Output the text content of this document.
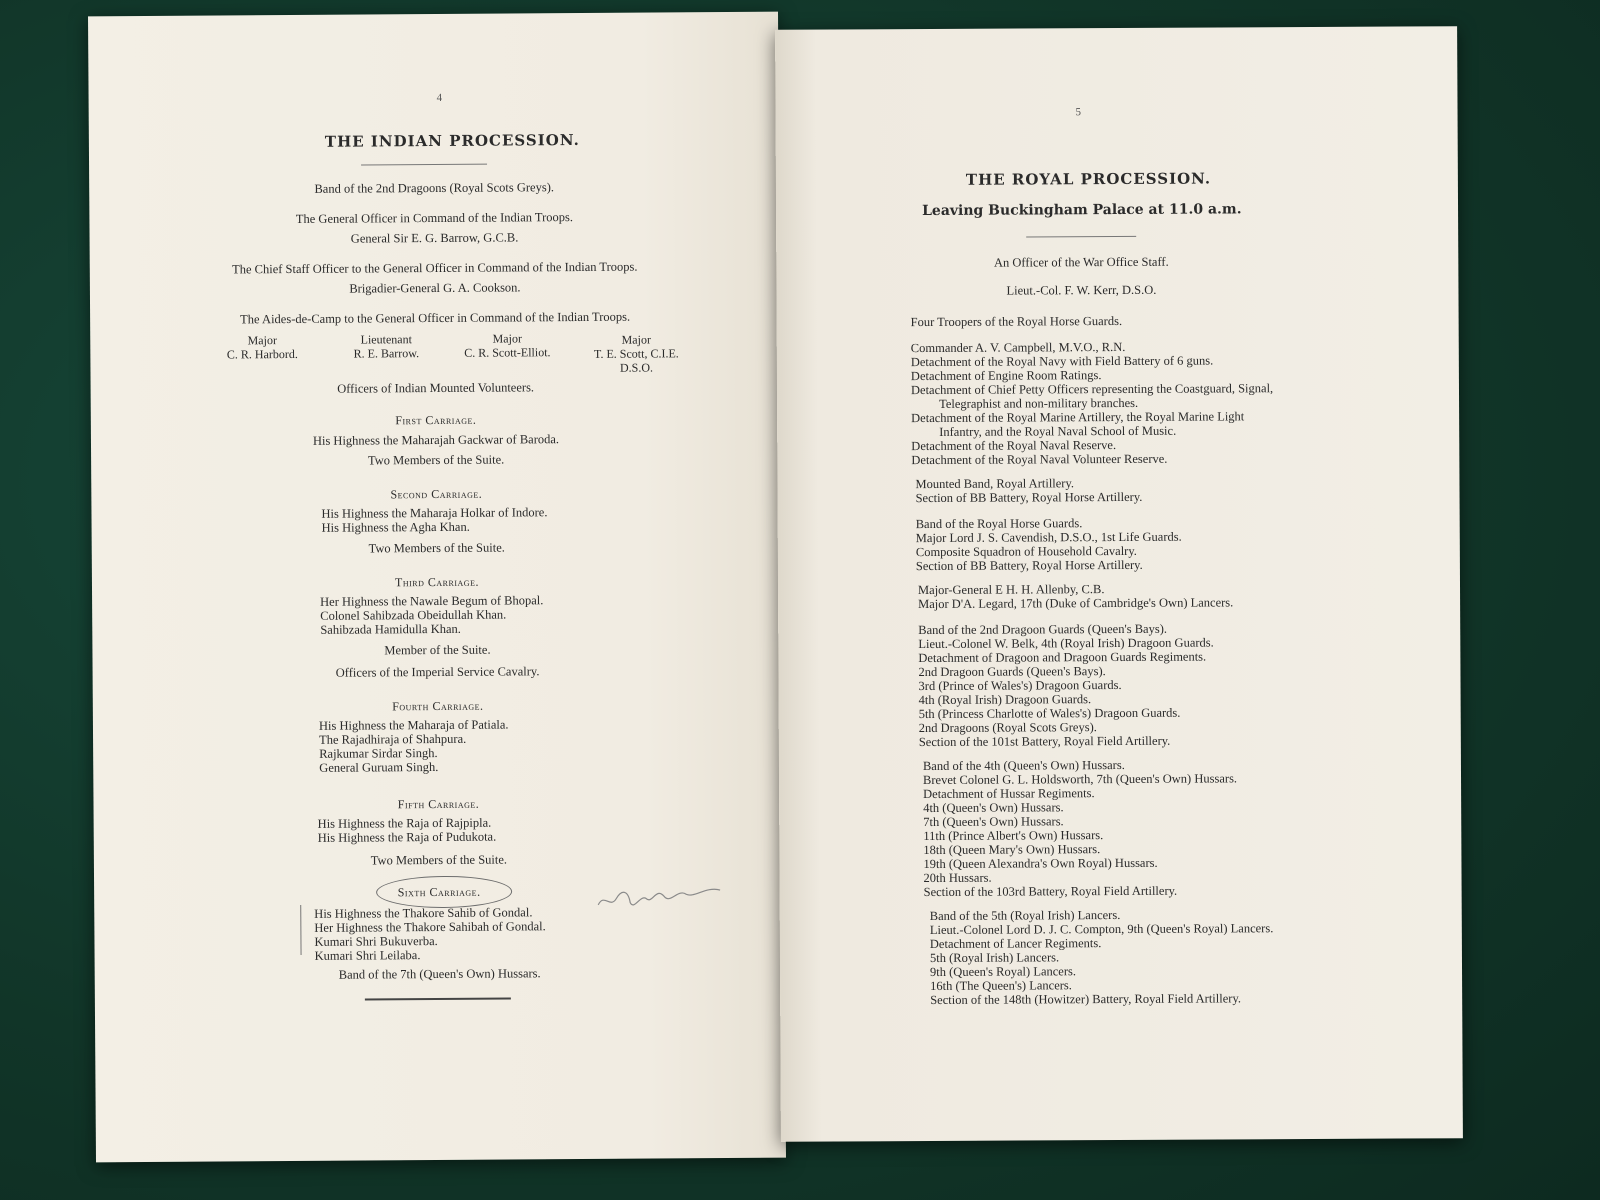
4
THE INDIAN PROCESSION.
Band of the 2nd Dragoons (Royal Scots Greys).
The General Officer in Command of the Indian Troops.
General Sir E. G. Barrow, G.C.B.
The Chief Staff Officer to the General Officer in Command of the Indian Troops.
Brigadier-General G. A. Cookson.
The Aides-de-Camp to the General Officer in Command of the Indian Troops.
Major
C. R. Harbord.
Lieutenant
R. E. Barrow.
Major
C. R. Scott-Elliot.
Major
T. E. Scott, C.I.E.
D.S.O.
Officers of Indian Mounted Volunteers.
First Carriage.
His Highness the Maharajah Gackwar of Baroda.
Two Members of the Suite.
Second Carriage.
His Highness the Maharaja Holkar of Indore.
His Highness the Agha Khan.
Two Members of the Suite.
Third Carriage.
Her Highness the Nawale Begum of Bhopal.
Colonel Sahibzada Obeidullah Khan.
Sahibzada Hamidulla Khan.
Member of the Suite.
Officers of the Imperial Service Cavalry.
Fourth Carriage.
His Highness the Maharaja of Patiala.
The Rajadhiraja of Shahpura.
Rajkumar Sirdar Singh.
General Guruam Singh.
Fifth Carriage.
His Highness the Raja of Rajpipla.
His Highness the Raja of Pudukota.
Two Members of the Suite.
Sixth Carriage.
His Highness the Thakore Sahib of Gondal.
Her Highness the Thakore Sahibah of Gondal.
Kumari Shri Bukuverba.
Kumari Shri Leilaba.
Band of the 7th (Queen's Own) Hussars.
5
THE ROYAL PROCESSION.
Leaving Buckingham Palace at 11.0 a.m.
An Officer of the War Office Staff.
Lieut.-Col. F. W. Kerr, D.S.O.
Four Troopers of the Royal Horse Guards.
Commander A. V. Campbell, M.V.O., R.N.
Detachment of the Royal Navy with Field Battery of 6 guns.
Detachment of Engine Room Ratings.
Detachment of Chief Petty Officers representing the Coastguard, Signal,
Telegraphist and non-military branches.
Detachment of the Royal Marine Artillery, the Royal Marine Light
Infantry, and the Royal Naval School of Music.
Detachment of the Royal Naval Reserve.
Detachment of the Royal Naval Volunteer Reserve.
Mounted Band, Royal Artillery.
Section of BB Battery, Royal Horse Artillery.
Band of the Royal Horse Guards.
Major Lord J. S. Cavendish, D.S.O., 1st Life Guards.
Composite Squadron of Household Cavalry.
Section of BB Battery, Royal Horse Artillery.
Major-General E H. H. Allenby, C.B.
Major D'A. Legard, 17th (Duke of Cambridge's Own) Lancers.
Band of the 2nd Dragoon Guards (Queen's Bays).
Lieut.-Colonel W. Belk, 4th (Royal Irish) Dragoon Guards.
Detachment of Dragoon and Dragoon Guards Regiments.
2nd Dragoon Guards (Queen's Bays).
3rd (Prince of Wales's) Dragoon Guards.
4th (Royal Irish) Dragoon Guards.
5th (Princess Charlotte of Wales's) Dragoon Guards.
2nd Dragoons (Royal Scots Greys).
Section of the 101st Battery, Royal Field Artillery.
Band of the 4th (Queen's Own) Hussars.
Brevet Colonel G. L. Holdsworth, 7th (Queen's Own) Hussars.
Detachment of Hussar Regiments.
4th (Queen's Own) Hussars.
7th (Queen's Own) Hussars.
11th (Prince Albert's Own) Hussars.
18th (Queen Mary's Own) Hussars.
19th (Queen Alexandra's Own Royal) Hussars.
20th Hussars.
Section of the 103rd Battery, Royal Field Artillery.
Band of the 5th (Royal Irish) Lancers.
Lieut.-Colonel Lord D. J. C. Compton, 9th (Queen's Royal) Lancers.
Detachment of Lancer Regiments.
5th (Royal Irish) Lancers.
9th (Queen's Royal) Lancers.
16th (The Queen's) Lancers.
Section of the 148th (Howitzer) Battery, Royal Field Artillery.
